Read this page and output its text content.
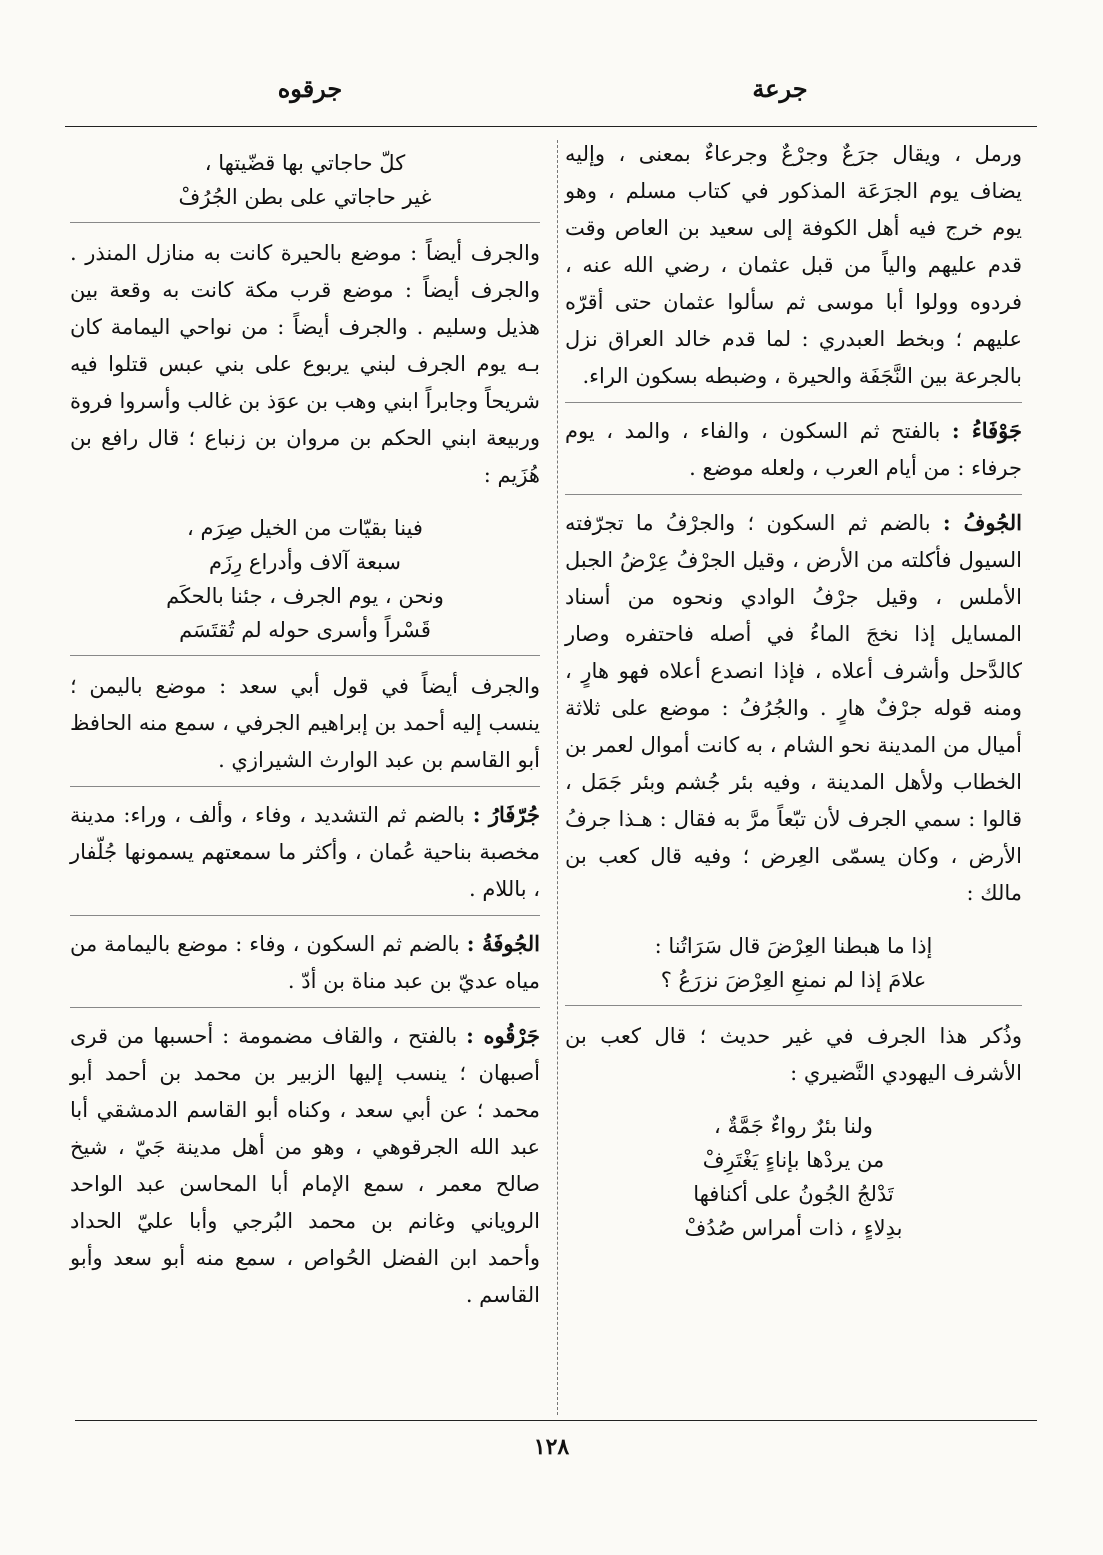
جرعة
جرقوه

ورمل ، ويقال جرَعٌ وجرْعٌ وجرعاءٌ بمعنى ، وإليه يضاف يوم الجرَعَة المذكور في كتاب مسلم ، وهو يوم خرج فيه أهل الكوفة إلى سعيد بن العاص وقت قدم عليهم والياً من قبل عثمان ، رضي الله عنه ، فردوه وولوا أبا موسى ثم سألوا عثمان حتى أقرّه عليهم ؛ وبخط العبدري : لما قدم خالد العراق نزل بالجرعة بين النَّجَفَة والحيرة ، وضبطه بسكون الراء.

جَوْفَاءُ : بالفتح ثم السكون ، والفاء ، والمد ، يوم جرفاء : من أيام العرب ، ولعله موضع .

الجُوفُ : بالضم ثم السكون ؛ والجرْفُ ما تجرّفته السيول فأكلته من الأرض ، وقيل الجرْفُ عِرْضُ الجبل الأملس ، وقيل جرْفُ الوادي ونحوه من أسناد المسايل إذا نخجَ الماءُ في أصله فاحتفره وصار كالدَّحل وأشرف أعلاه ، فإذا انصدع أعلاه فهو هارٍ ، ومنه قوله جرْفٌ هارٍ . والجُرُفُ : موضع على ثلاثة أميال من المدينة نحو الشام ، به كانت أموال لعمر بن الخطاب ولأهل المدينة ، وفيه بئر جُشم وبئر جَمَل ، قالوا : سمي الجرف لأن تبّعاً مرَّ به فقال : هـذا جرفُ الأرض ، وكان يسمّى العِرض ؛ وفيه قال كعب بن مالك :

إذا ما هبطنا العِرْضَ قال سَرَاتُنا :
علامَ إذا لم نمنعِ العِرْضَ نزرَعُ ؟

وذُكر هذا الجرف في غير حديث ؛ قال كعب بن الأشرف اليهودي النَّضيري :

ولنا بئرٌ رواءٌ جَمَّةٌ ،
من يردْها بإناءٍ يَغْتَرِفْ
تَدْلجُ الجُونُ على أكنافها
بدِلاءٍ ، ذات أمراس صُدُفْ
كلّ حاجاتي بها قضّيتها ،
غير حاجاتي على بطن الجُرُفْ

والجرف أيضاً : موضع بالحيرة كانت به منازل المنذر . والجرف أيضاً : موضع قرب مكة كانت به وقعة بين هذيل وسليم . والجرف أيضاً : من نواحي اليمامة كان بـه يوم الجرف لبني يربوع على بني عبس قتلوا فيه شريحاً وجابراً ابني وهب بن عوَذ بن غالب وأسروا فروة وربيعة ابني الحكم بن مروان بن زنباع ؛ قال رافع بن هُزَيم :

فينا بقيّات من الخيل صِرَم ،
سبعة آلاف وأدراع رِزَم
ونحن ، يوم الجرف ، جئنا بالحكَم
قَسْراً وأسرى حوله لم تُقتَسَم

والجرف أيضاً في قول أبي سعد : موضع باليمن ؛ ينسب إليه أحمد بن إبراهيم الجرفي ، سمع منه الحافظ أبو القاسم بن عبد الوارث الشيرازي .

جُرّفَارُ : بالضم ثم التشديد ، وفاء ، وألف ، وراء: مدينة مخصبة بناحية عُمان ، وأكثر ما سمعتهم يسمونها جُلّفار ، باللام .

الجُوفَةُ : بالضم ثم السكون ، وفاء : موضع باليمامة من مياه عديّ بن عبد مناة بن أدّ .

جَرْقُوه : بالفتح ، والقاف مضمومة : أحسبها من قرى أصبهان ؛ ينسب إليها الزبير بن محمد بن أحمد أبو محمد ؛ عن أبي سعد ، وكناه أبو القاسم الدمشقي أبا عبد الله الجرقوهي ، وهو من أهل مدينة جَيّ ، شيخ صالح معمر ، سمع الإمام أبا المحاسن عبد الواحد الروياني وغانم بن محمد البُرجي وأبا عليّ الحداد وأحمد ابن الفضل الحُواص ، سمع منه أبو سعد وأبو القاسم .

١٢٨
